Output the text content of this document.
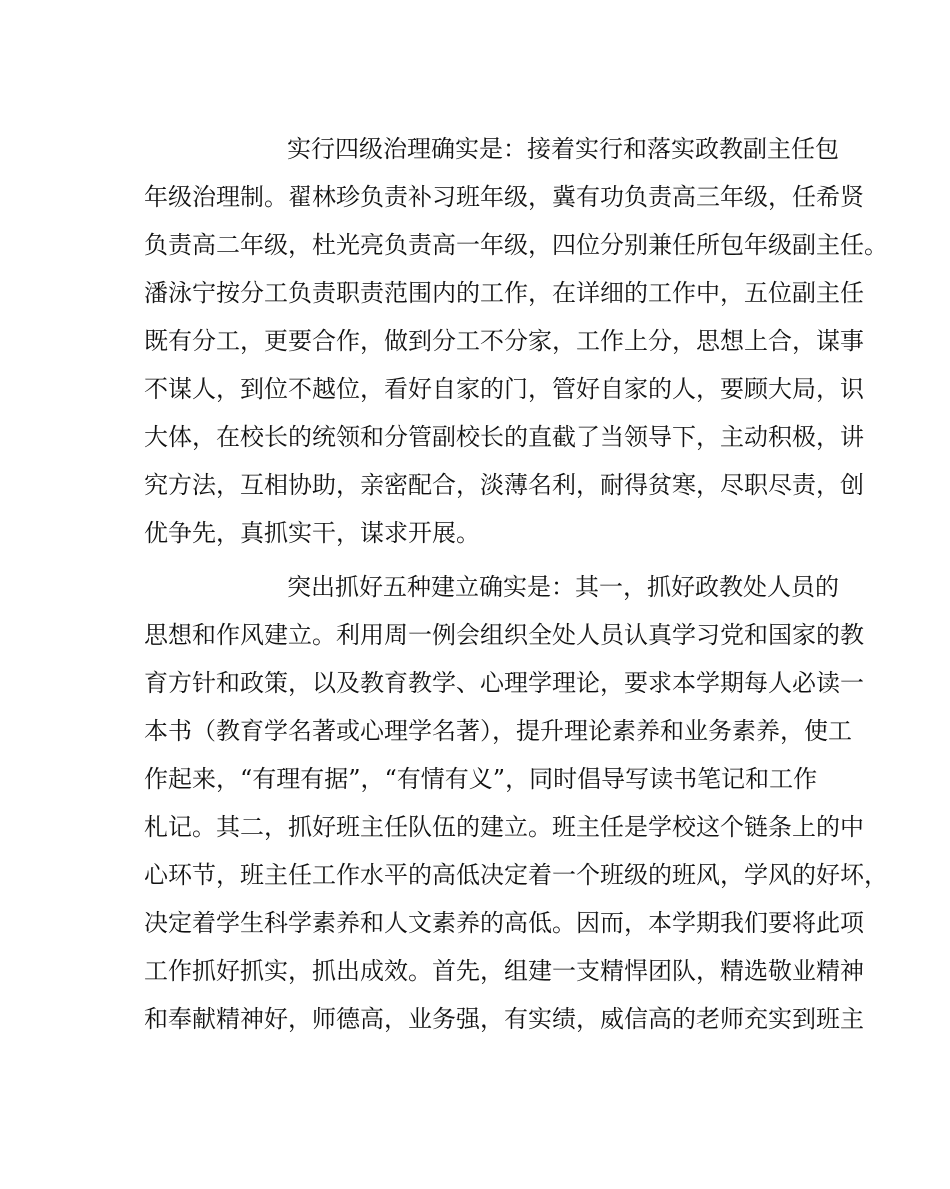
实行四级治理确实是：接着实行和落实政教副主任包
年级治理制。翟林珍负责补习班年级，冀有功负责高三年级，任希贤
负责高二年级，杜光亮负责高一年级，四位分别兼任所包年级副主任。
潘泳宁按分工负责职责范围内的工作，在详细的工作中，五位副主任
既有分工，更要合作，做到分工不分家，工作上分，思想上合，谋事
不谋人，到位不越位，看好自家的门，管好自家的人，要顾大局，识
大体，在校长的统领和分管副校长的直截了当领导下，主动积极，讲
究方法，互相协助，亲密配合，淡薄名利，耐得贫寒，尽职尽责，创
优争先，真抓实干，谋求开展。
突出抓好五种建立确实是：其一，抓好政教处人员的
思想和作风建立。利用周一例会组织全处人员认真学习党和国家的教
育方针和政策，以及教育教学、心理学理论，要求本学期每人必读一
本书（教育学名著或心理学名著），提升理论素养和业务素养，使工
作起来，“有理有据”，“有情有义”，同时倡导写读书笔记和工作
札记。其二，抓好班主任队伍的建立。班主任是学校这个链条上的中
心环节，班主任工作水平的高低决定着一个班级的班风，学风的好坏，
决定着学生科学素养和人文素养的高低。因而，本学期我们要将此项
工作抓好抓实，抓出成效。首先，组建一支精悍团队，精选敬业精神
和奉献精神好，师德高，业务强，有实绩，威信高的老师充实到班主
